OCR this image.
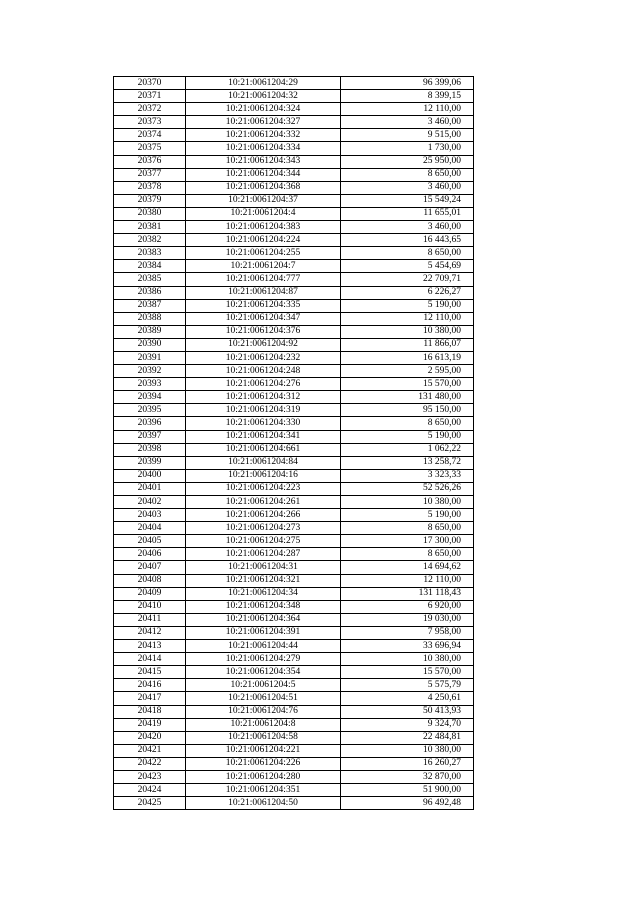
20370	10:21:0061204:29	96 399,06
20371	10:21:0061204:32	8 399,15
20372	10:21:0061204:324	12 110,00
20373	10:21:0061204:327	3 460,00
20374	10:21:0061204:332	9 515,00
20375	10:21:0061204:334	1 730,00
20376	10:21:0061204:343	25 950,00
20377	10:21:0061204:344	8 650,00
20378	10:21:0061204:368	3 460,00
20379	10:21:0061204:37	15 549,24
20380	10:21:0061204:4	11 655,01
20381	10:21:0061204:383	3 460,00
20382	10:21:0061204:224	16 443,65
20383	10:21:0061204:255	8 650,00
20384	10:21:0061204:7	5 454,69
20385	10:21:0061204:777	22 709,71
20386	10:21:0061204:87	6 226,27
20387	10:21:0061204:335	5 190,00
20388	10:21:0061204:347	12 110,00
20389	10:21:0061204:376	10 380,00
20390	10:21:0061204:92	11 866,07
20391	10:21:0061204:232	16 613,19
20392	10:21:0061204:248	2 595,00
20393	10:21:0061204:276	15 570,00
20394	10:21:0061204:312	131 480,00
20395	10:21:0061204:319	95 150,00
20396	10:21:0061204:330	8 650,00
20397	10:21:0061204:341	5 190,00
20398	10:21:0061204:661	1 062,22
20399	10:21:0061204:84	13 258,72
20400	10:21:0061204:16	3 323,33
20401	10:21:0061204:223	52 526,26
20402	10:21:0061204:261	10 380,00
20403	10:21:0061204:266	5 190,00
20404	10:21:0061204:273	8 650,00
20405	10:21:0061204:275	17 300,00
20406	10:21:0061204:287	8 650,00
20407	10:21:0061204:31	14 694,62
20408	10:21:0061204:321	12 110,00
20409	10:21:0061204:34	131 118,43
20410	10:21:0061204:348	6 920,00
20411	10:21:0061204:364	19 030,00
20412	10:21:0061204:391	7 958,00
20413	10:21:0061204:44	33 696,94
20414	10:21:0061204:279	10 380,00
20415	10:21:0061204:354	15 570,00
20416	10:21:0061204:5	5 575,79
20417	10:21:0061204:51	4 250,61
20418	10:21:0061204:76	50 413,93
20419	10:21:0061204:8	9 324,70
20420	10:21:0061204:58	22 484,81
20421	10:21:0061204:221	10 380,00
20422	10:21:0061204:226	16 260,27
20423	10:21:0061204:280	32 870,00
20424	10:21:0061204:351	51 900,00
20425	10:21:0061204:50	96 492,48
